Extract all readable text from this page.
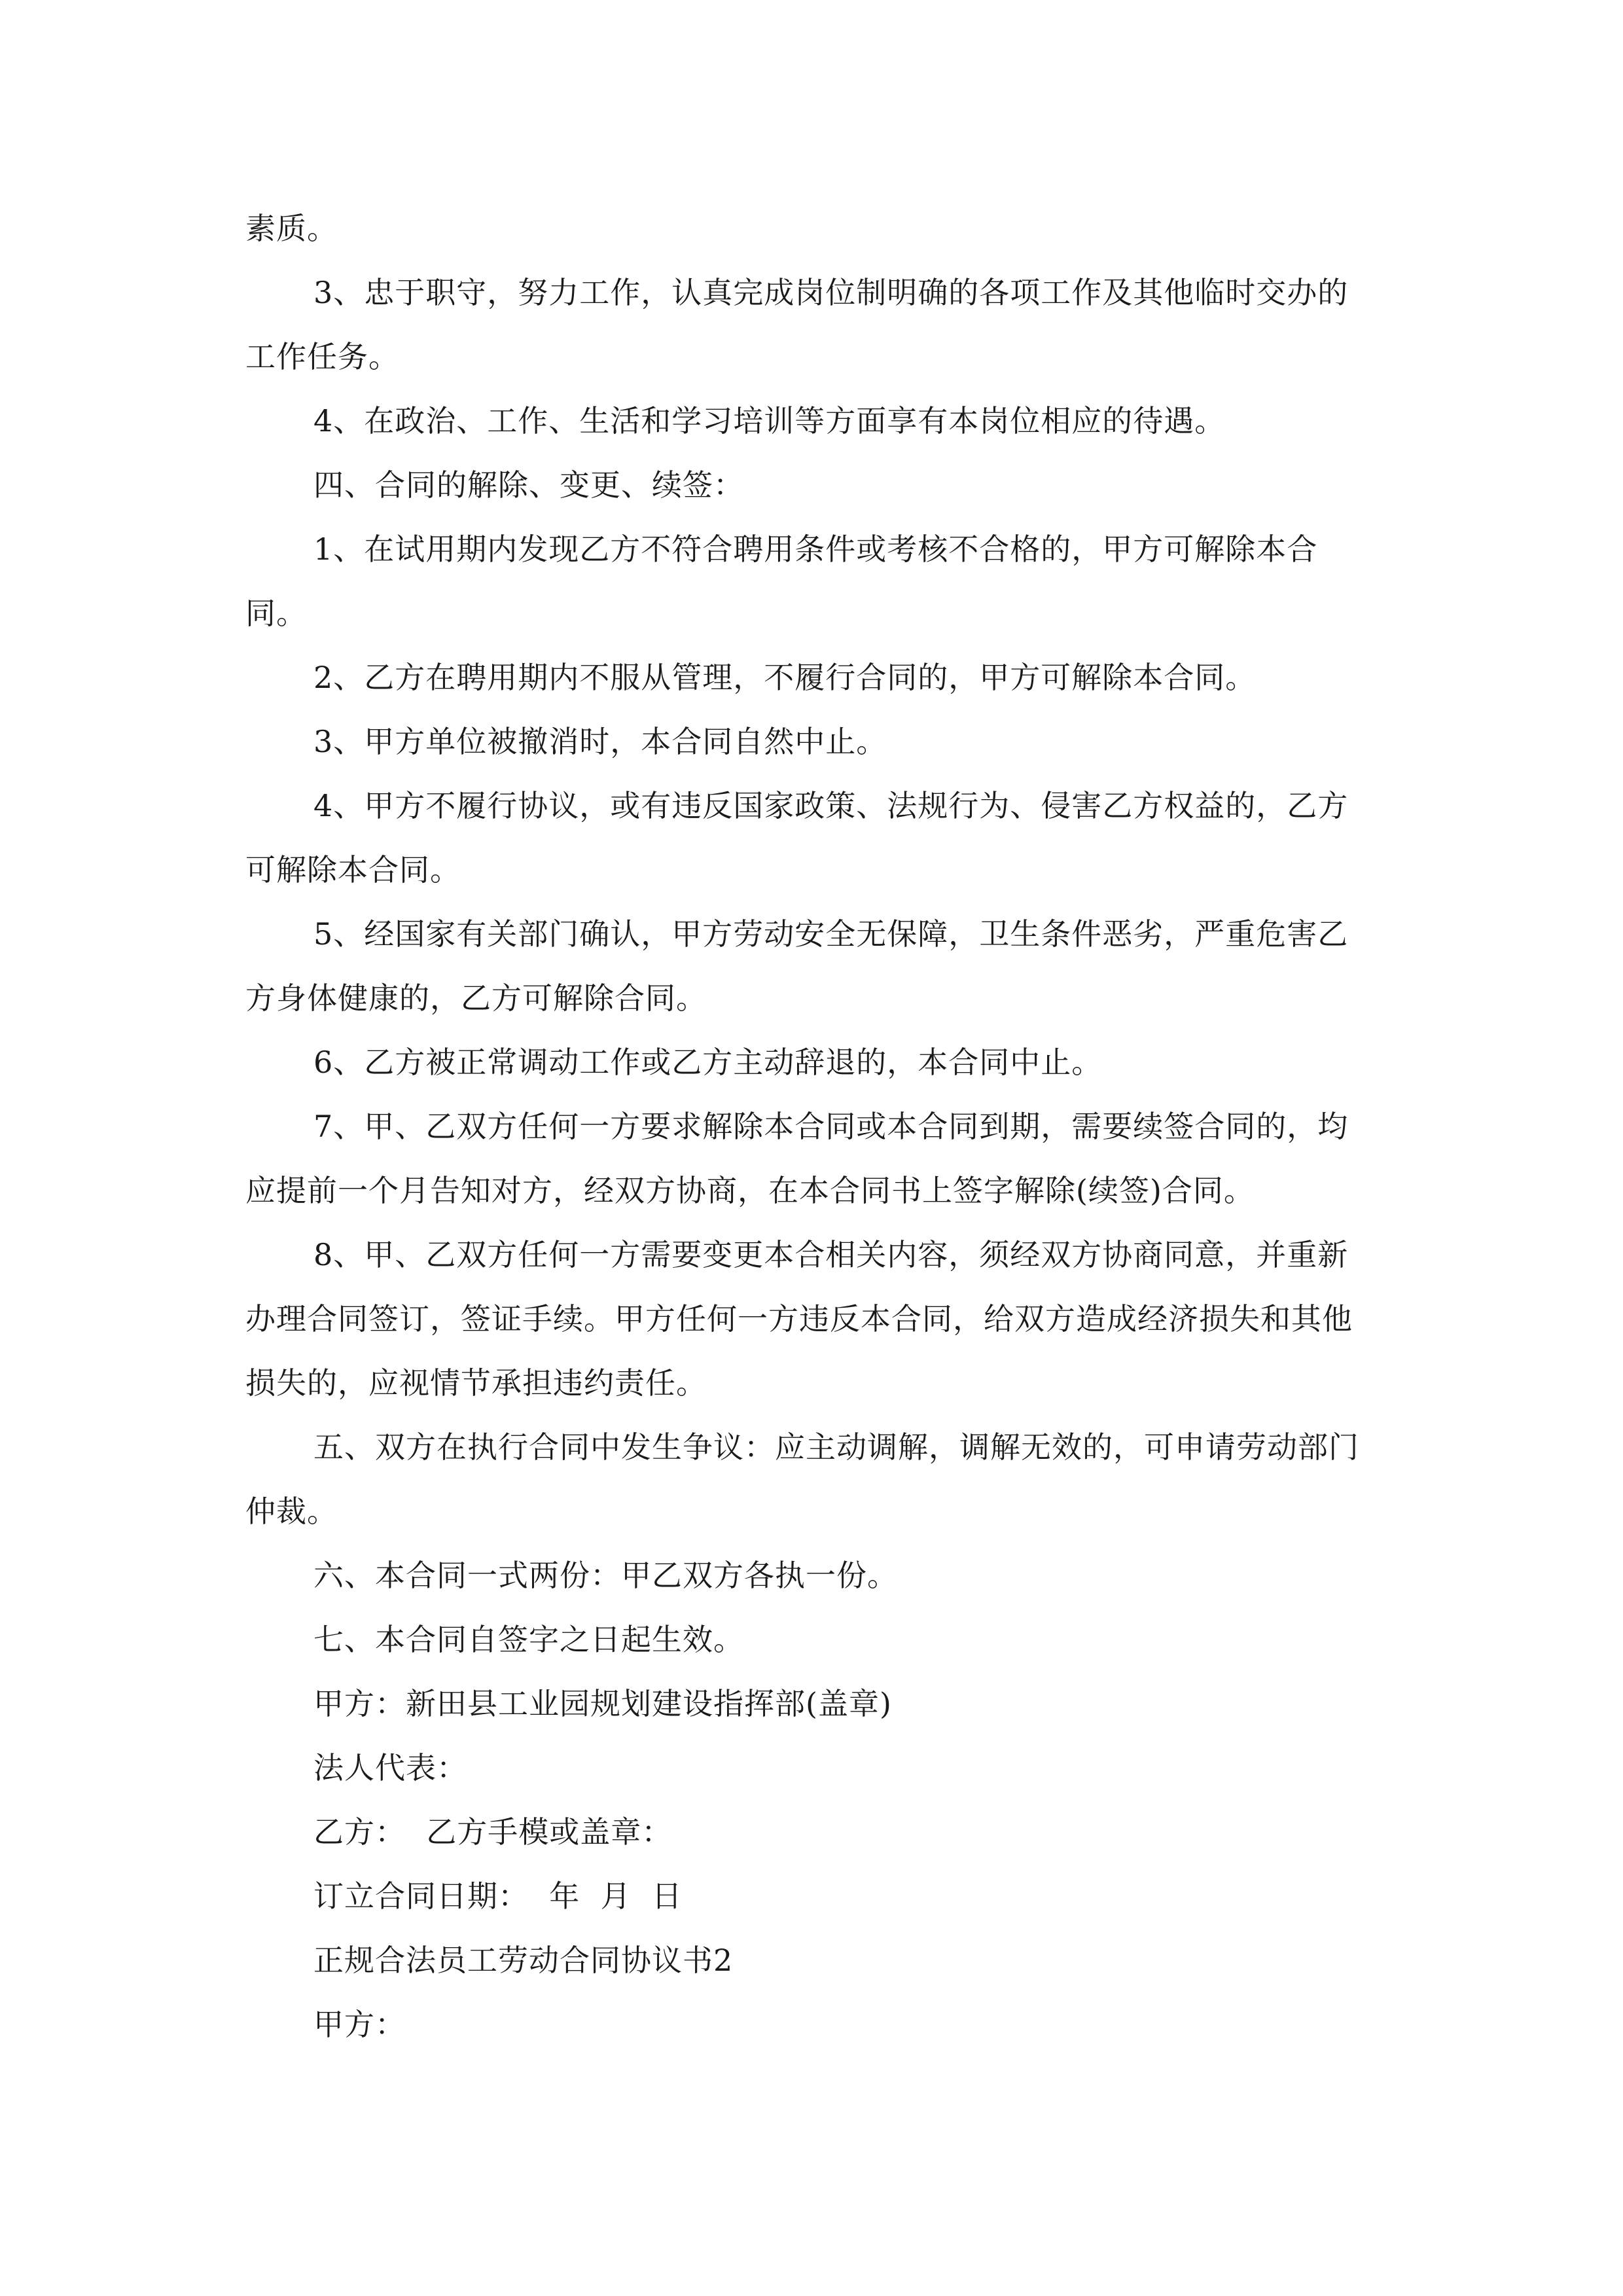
素质。

3、忠于职守，努力工作，认真完成岗位制明确的各项工作及其他临时交办的工作任务。

4、在政治、工作、生活和学习培训等方面享有本岗位相应的待遇。

四、合同的解除、变更、续签：

1、在试用期内发现乙方不符合聘用条件或考核不合格的，甲方可解除本合同。

2、乙方在聘用期内不服从管理，不履行合同的，甲方可解除本合同。

3、甲方单位被撤消时，本合同自然中止。

4、甲方不履行协议，或有违反国家政策、法规行为、侵害乙方权益的，乙方可解除本合同。

5、经国家有关部门确认，甲方劳动安全无保障，卫生条件恶劣，严重危害乙方身体健康的，乙方可解除合同。

6、乙方被正常调动工作或乙方主动辞退的，本合同中止。

7、甲、乙双方任何一方要求解除本合同或本合同到期，需要续签合同的，均应提前一个月告知对方，经双方协商，在本合同书上签字解除(续签)合同。

8、甲、乙双方任何一方需要变更本合相关内容，须经双方协商同意，并重新办理合同签订，签证手续。甲方任何一方违反本合同，给双方造成经济损失和其他损失的，应视情节承担违约责任。

五、双方在执行合同中发生争议：应主动调解，调解无效的，可申请劳动部门仲裁。

六、本合同一式两份：甲乙双方各执一份。

七、本合同自签字之日起生效。

甲方：新田县工业园规划建设指挥部(盖章)

法人代表：

乙方：  乙方手模或盖章：

订立合同日期：  年  月  日

正规合法员工劳动合同协议书2

甲方：
